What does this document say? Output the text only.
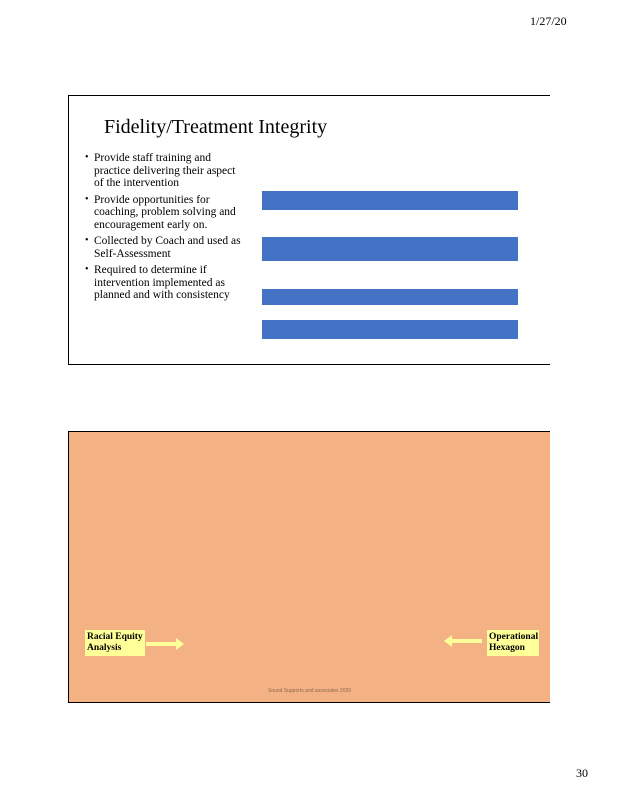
1/27/20
Fidelity/Treatment Integrity
• Provide staff training and practice delivering their aspect of the intervention
• Provide opportunities for coaching, problem solving and encouragement early on.
• Collected by Coach and used as Self-Assessment
• Required to determine if intervention implemented as planned and with consistency
Racial Equity Analysis
Operational Hexagon
Sound Supports and associates 2020
30
